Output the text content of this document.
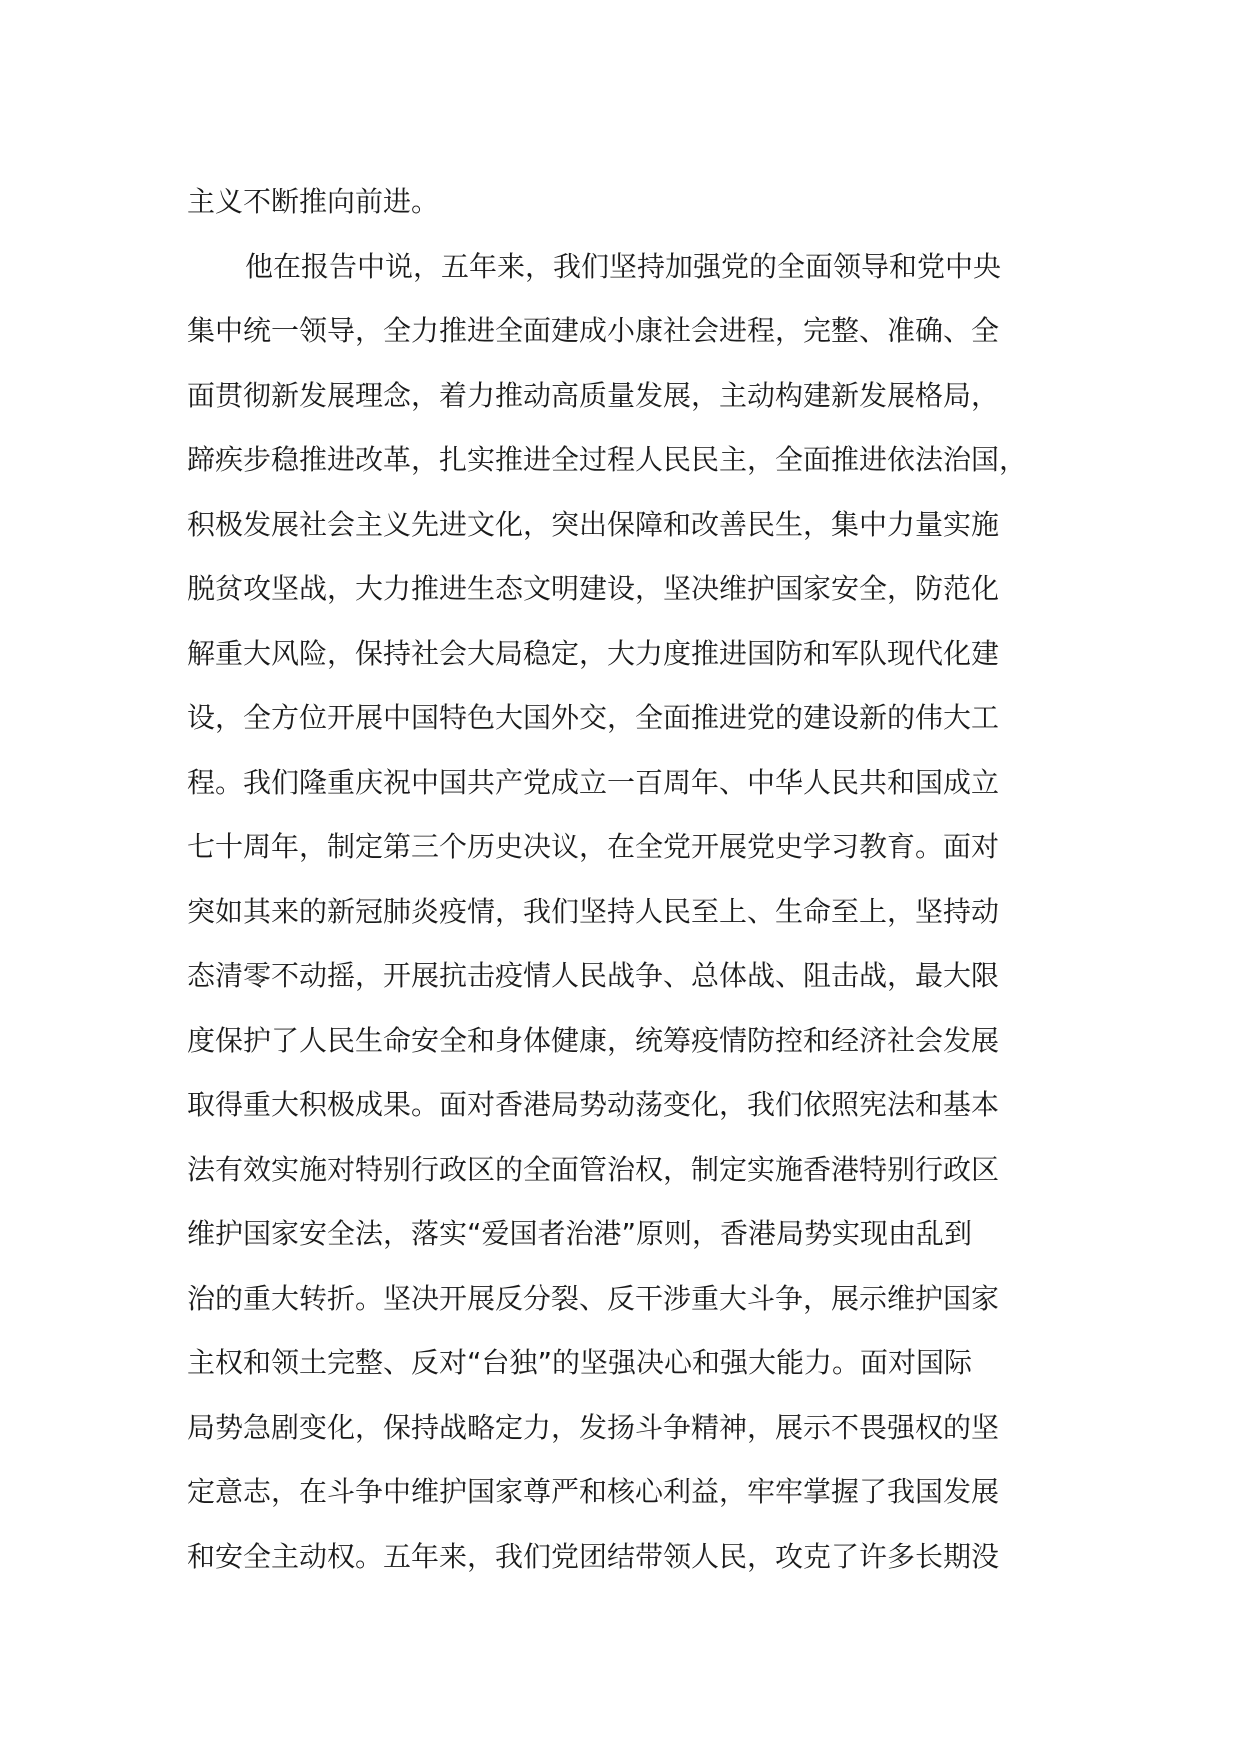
主义不断推向前进。
他在报告中说，五年来，我们坚持加强党的全面领导和党中央
集中统一领导，全力推进全面建成小康社会进程，完整、准确、全
面贯彻新发展理念，着力推动高质量发展，主动构建新发展格局，
蹄疾步稳推进改革，扎实推进全过程人民民主，全面推进依法治国，
积极发展社会主义先进文化，突出保障和改善民生，集中力量实施
脱贫攻坚战，大力推进生态文明建设，坚决维护国家安全，防范化
解重大风险，保持社会大局稳定，大力度推进国防和军队现代化建
设，全方位开展中国特色大国外交，全面推进党的建设新的伟大工
程。我们隆重庆祝中国共产党成立一百周年、中华人民共和国成立
七十周年，制定第三个历史决议，在全党开展党史学习教育。面对
突如其来的新冠肺炎疫情，我们坚持人民至上、生命至上，坚持动
态清零不动摇，开展抗击疫情人民战争、总体战、阻击战，最大限
度保护了人民生命安全和身体健康，统筹疫情防控和经济社会发展
取得重大积极成果。面对香港局势动荡变化，我们依照宪法和基本
法有效实施对特别行政区的全面管治权，制定实施香港特别行政区
维护国家安全法，落实“爱国者治港”原则，香港局势实现由乱到
治的重大转折。坚决开展反分裂、反干涉重大斗争，展示维护国家
主权和领土完整、反对“台独”的坚强决心和强大能力。面对国际
局势急剧变化，保持战略定力，发扬斗争精神，展示不畏强权的坚
定意志，在斗争中维护国家尊严和核心利益，牢牢掌握了我国发展
和安全主动权。五年来，我们党团结带领人民，攻克了许多长期没
